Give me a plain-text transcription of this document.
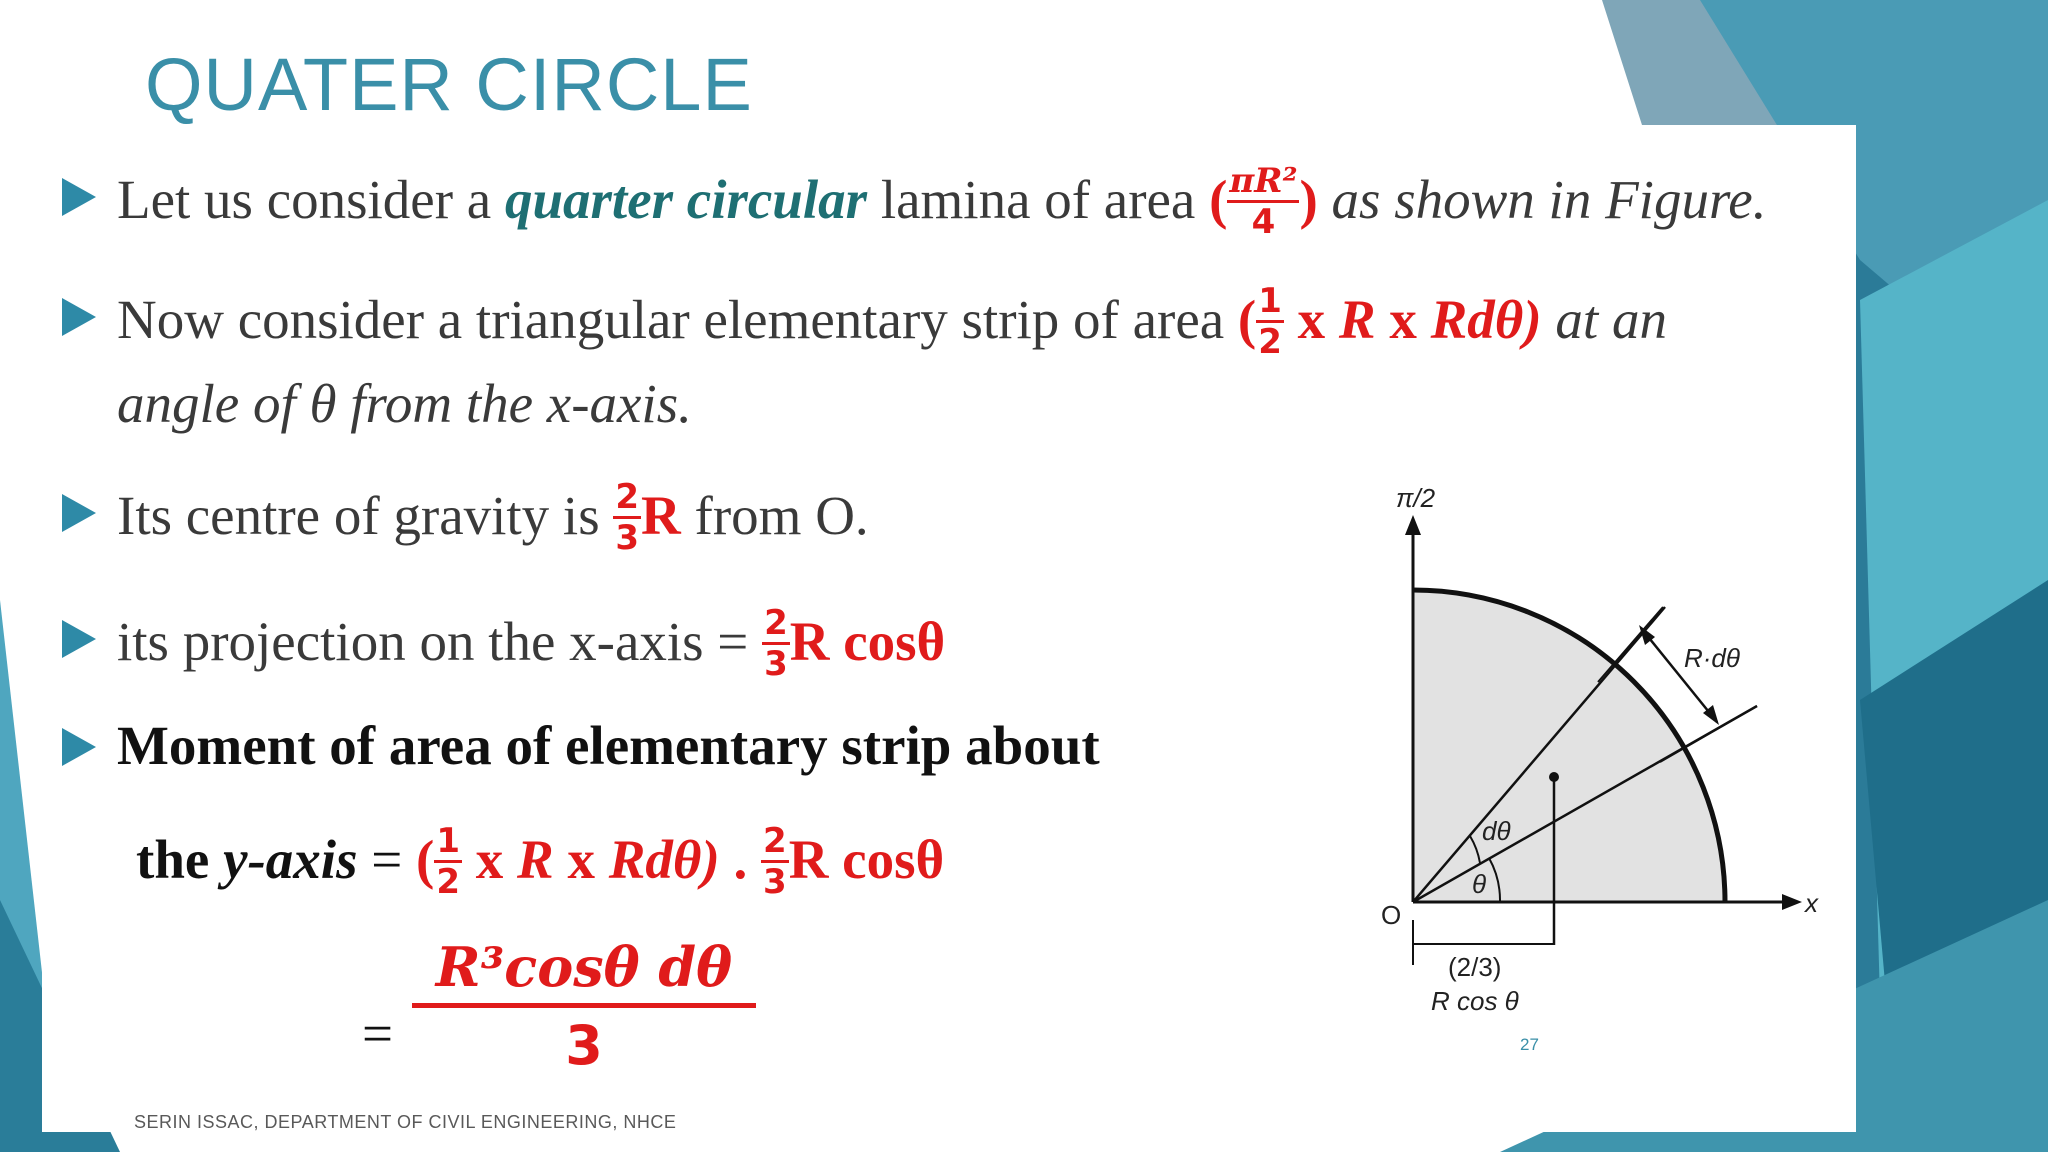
QUATER CIRCLE
Let us consider a quarter circular lamina of area ( $\frac{\text{πR²}}{4}$ ) as shown in Figure.
Now consider a triangular elementary strip of area ( $\frac{1}{2}$ x R x Rdθ) at an
angle of θ from the x-axis.
Its centre of gravity is $\frac{2}{3}$ R from O.
its projection on the x-axis = $\frac{2}{3}$ R cosθ
Moment of area of elementary strip about
the y-axis = ( $\frac{1}{2}$ x R x Rdθ) . $\frac{2}{3}$ R cosθ
=
R³cosθ dθ
3
π/2
x
O
R·dθ
dθ
θ
(2/3)
R cos θ
27
SERIN ISSAC, DEPARTMENT OF CIVIL ENGINEERING, NHCE
